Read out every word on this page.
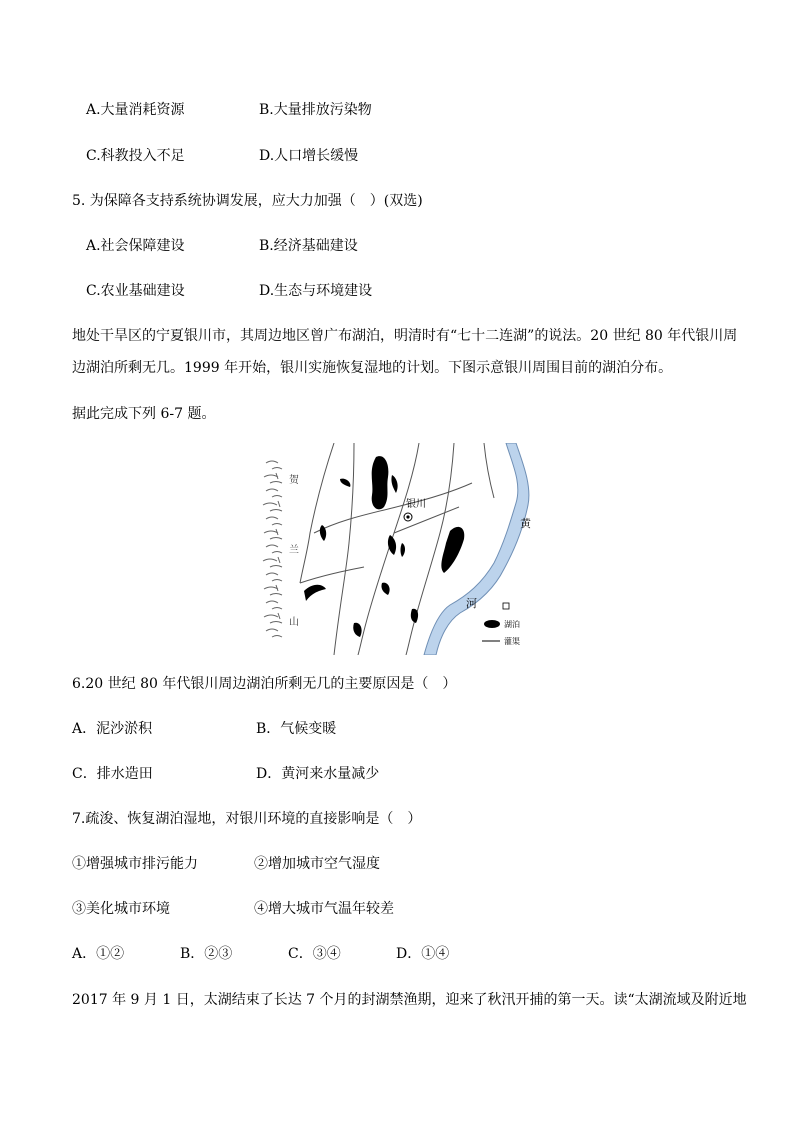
A.大量消耗资源	B.大量排放污染物
C.科教投入不足	D.人口增长缓慢
5. 为保障各支持系统协调发展，应大力加强（　）(双选)
A.社会保障建设	B.经济基础建设
C.农业基础建设	D.生态与环境建设
地处干旱区的宁夏银川市，其周边地区曾广布湖泊，明清时有“七十二连湖”的说法。20 世纪 80 年代银川周
边湖泊所剩无几。1999 年开始，银川实施恢复湿地的计划。下图示意银川周围目前的湖泊分布。
据此完成下列 6-7 题。
贺
兰
山
银川
黄
河
湖泊
灌渠
6.20 世纪 80 年代银川周边湖泊所剩无几的主要原因是（　）
A．泥沙淤积	B．气候变暖
C．排水造田	D．黄河来水量减少
7.疏浚、恢复湖泊湿地，对银川环境的直接影响是（　）
①增强城市排污能力	②增加城市空气湿度
③美化城市环境	④增大城市气温年较差
A．①②	B．②③	C．③④	D．①④
2017 年 9 月 1 日，太湖结束了长达 7 个月的封湖禁渔期，迎来了秋汛开捕的第一天。读“太湖流域及附近地
